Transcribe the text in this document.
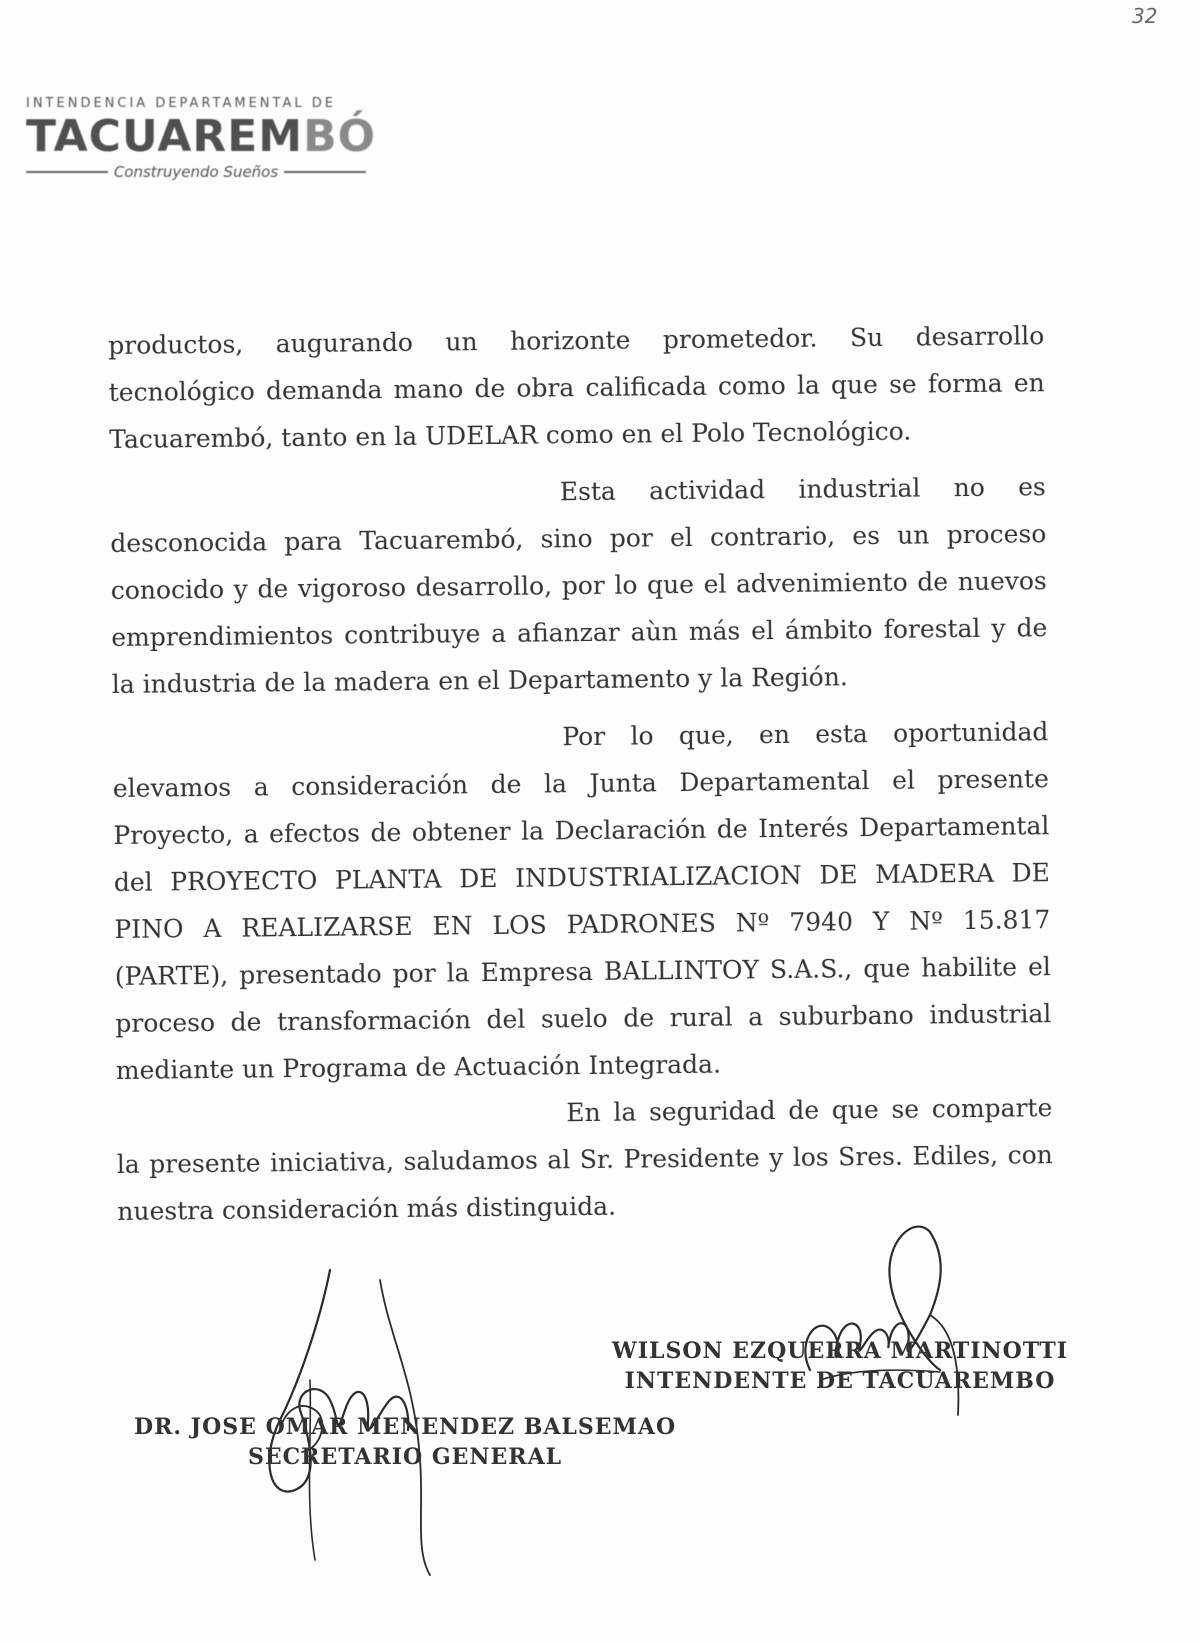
32
INTENDENCIA DEPARTAMENTAL DE
TACUAREMBÓ
Construyendo Sueños

productos, augurando un horizonte prometedor. Su desarrollo tecnológico demanda mano de obra calificada como la que se forma en Tacuarembó, tanto en la UDELAR como en el Polo Tecnológico.

Esta actividad industrial no es desconocida para Tacuarembó, sino por el contrario, es un proceso conocido y de vigoroso desarrollo, por lo que el advenimiento de nuevos emprendimientos contribuye a afianzar aùn más el ámbito forestal y de la industria de la madera en el Departamento y la Región.

Por lo que, en esta oportunidad elevamos a consideración de la Junta Departamental el presente Proyecto, a efectos de obtener la Declaración de Interés Departamental del PROYECTO PLANTA DE INDUSTRIALIZACION DE MADERA DE PINO A REALIZARSE EN LOS PADRONES Nº 7940 Y Nº 15.817 (PARTE), presentado por la Empresa BALLINTOY S.A.S., que habilite el proceso de transformación del suelo de rural a suburbano industrial mediante un Programa de Actuación Integrada.

En la seguridad de que se comparte la presente iniciativa, saludamos al Sr. Presidente y los Sres. Ediles, con nuestra consideración más distinguida.

WILSON EZQUERRA MARTINOTTI
INTENDENTE DE TACUAREMBO
DR. JOSE OMAR MENENDEZ BALSEMAO
SECRETARIO GENERAL
